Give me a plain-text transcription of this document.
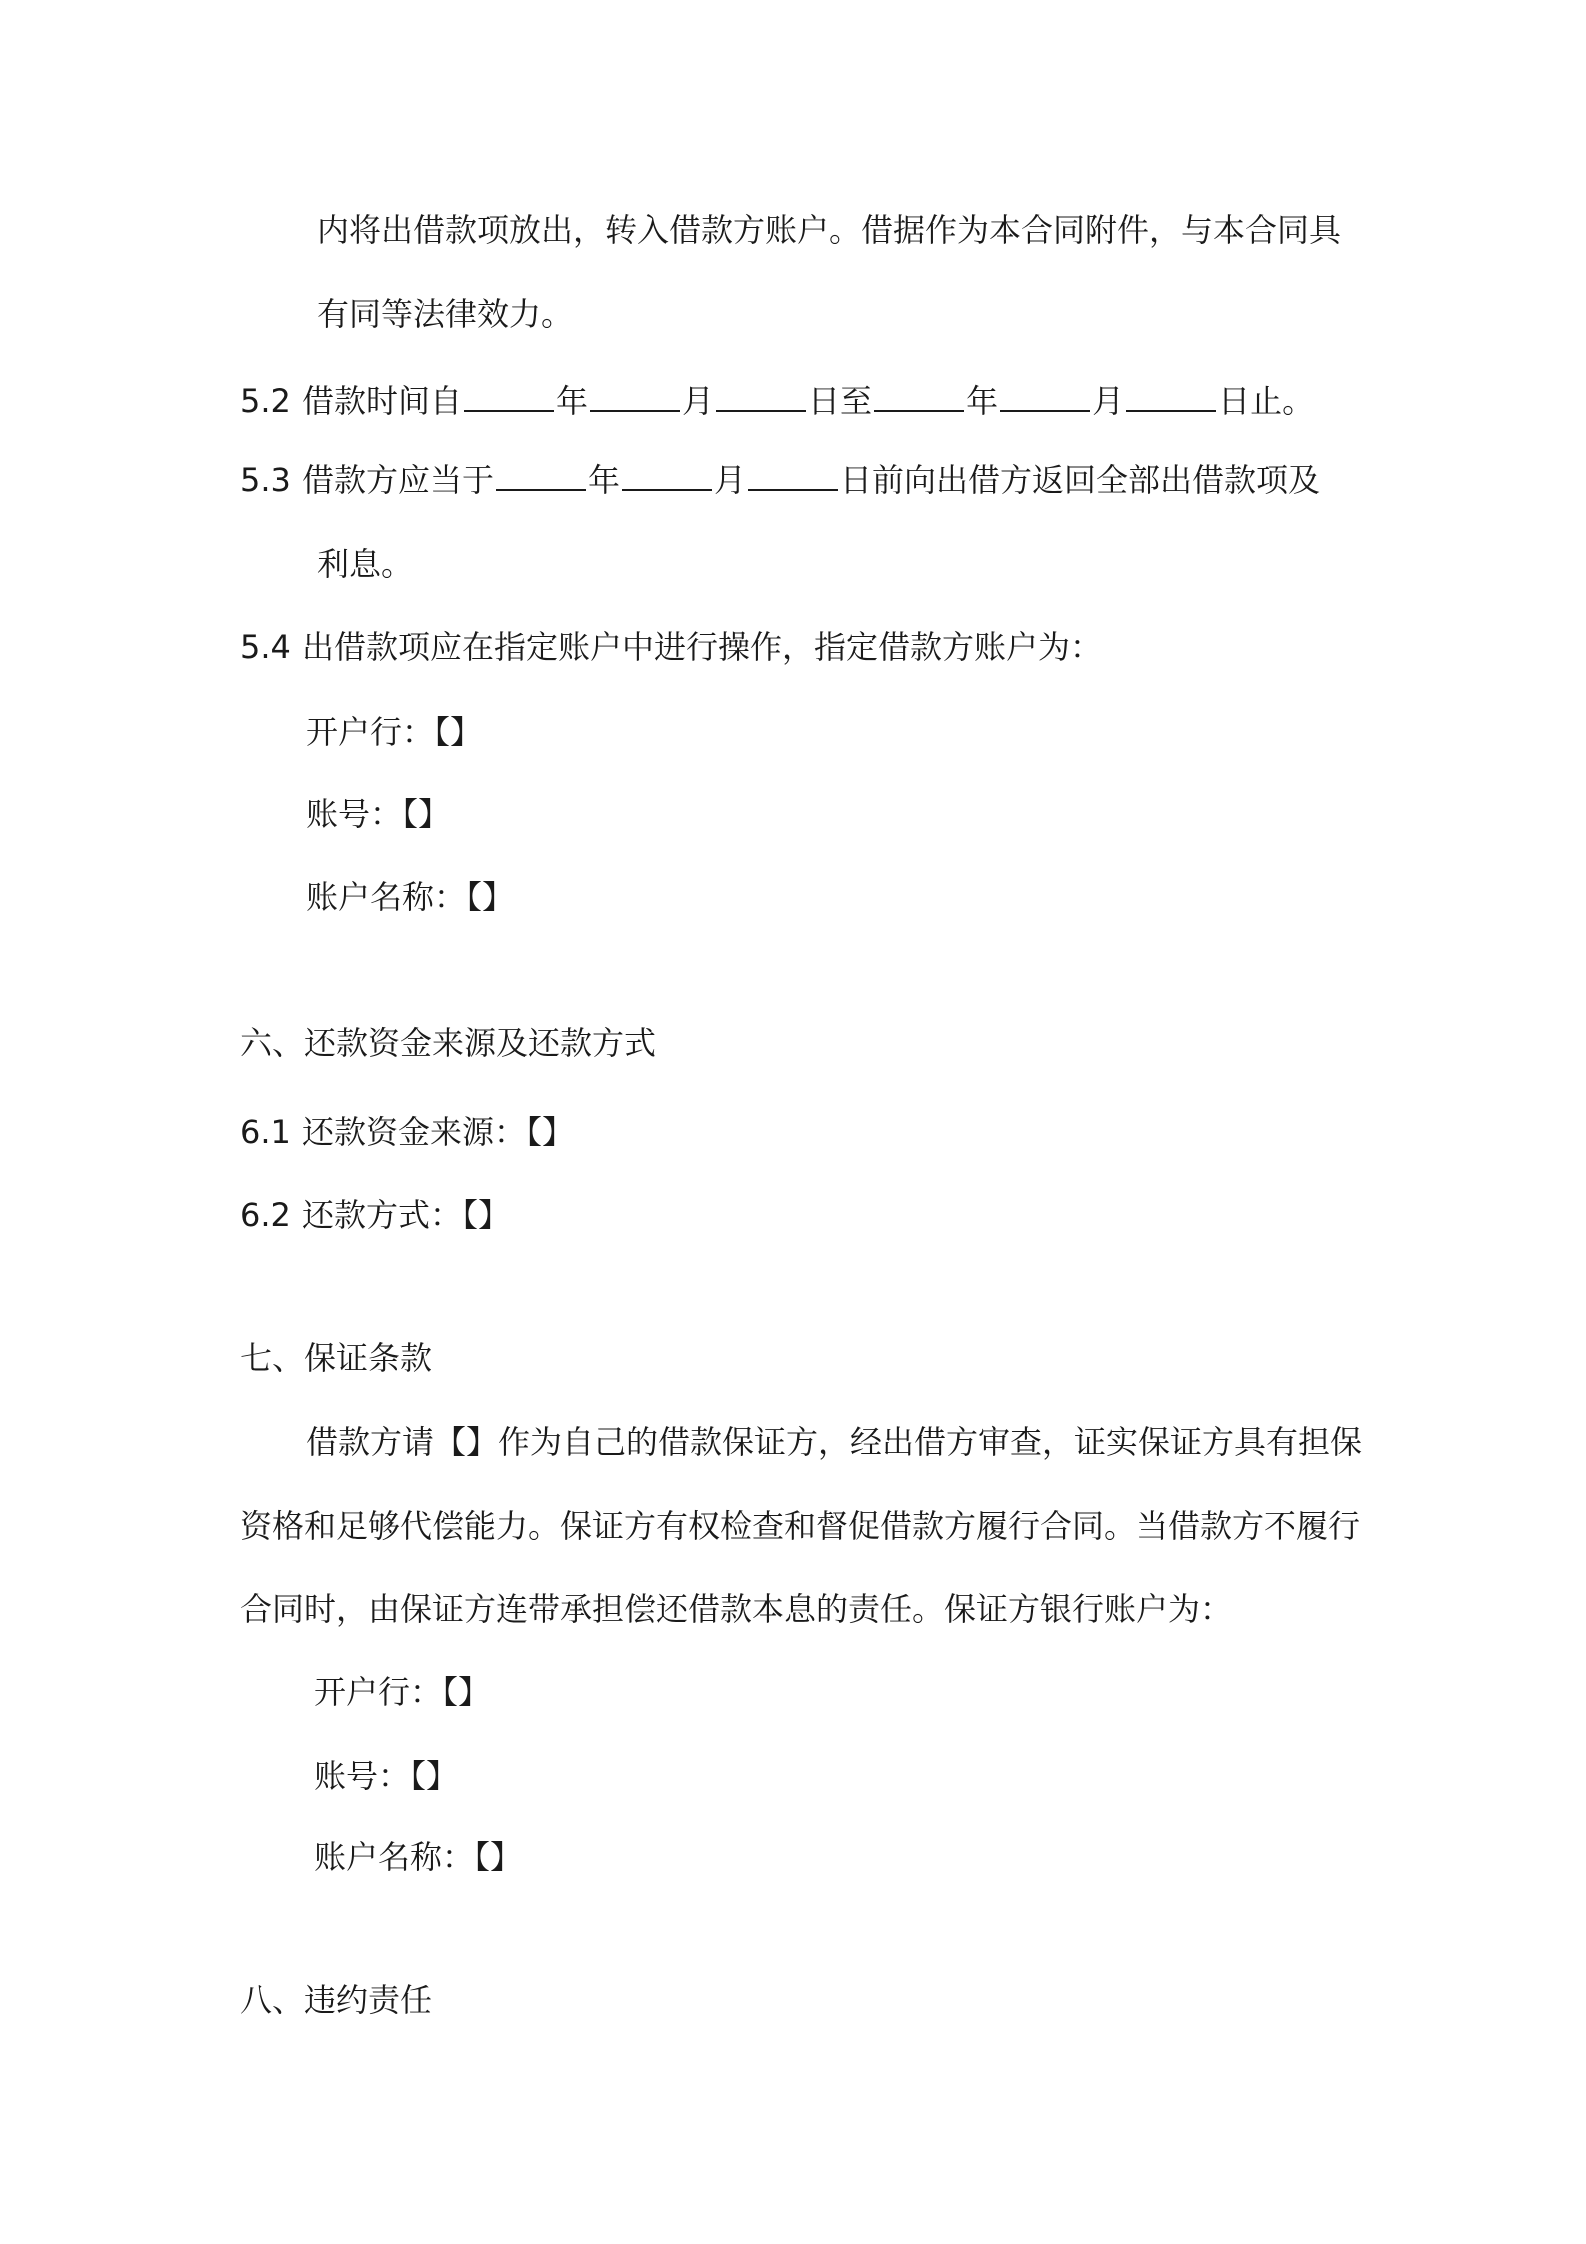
内将出借款项放出，转入借款方账户。借据作为本合同附件，与本合同具
有同等法律效力。
5.2 借款时间自	年	月	日至	年	月	日止。
5.3 借款方应当于	年	月	日前向出借方返回全部出借款项及
利息。
5.4 出借款项应在指定账户中进行操作，指定借款方账户为：
开户行：【】
账号：【】
账户名称：【】
六、还款资金来源及还款方式
6.1 还款资金来源：【】
6.2 还款方式：【】
七、保证条款
借款方请【】作为自己的借款保证方，经出借方审查，证实保证方具有担保
资格和足够代偿能力。保证方有权检查和督促借款方履行合同。当借款方不履行
合同时，由保证方连带承担偿还借款本息的责任。保证方银行账户为：
开户行：【】
账号：【】
账户名称：【】
八、违约责任
